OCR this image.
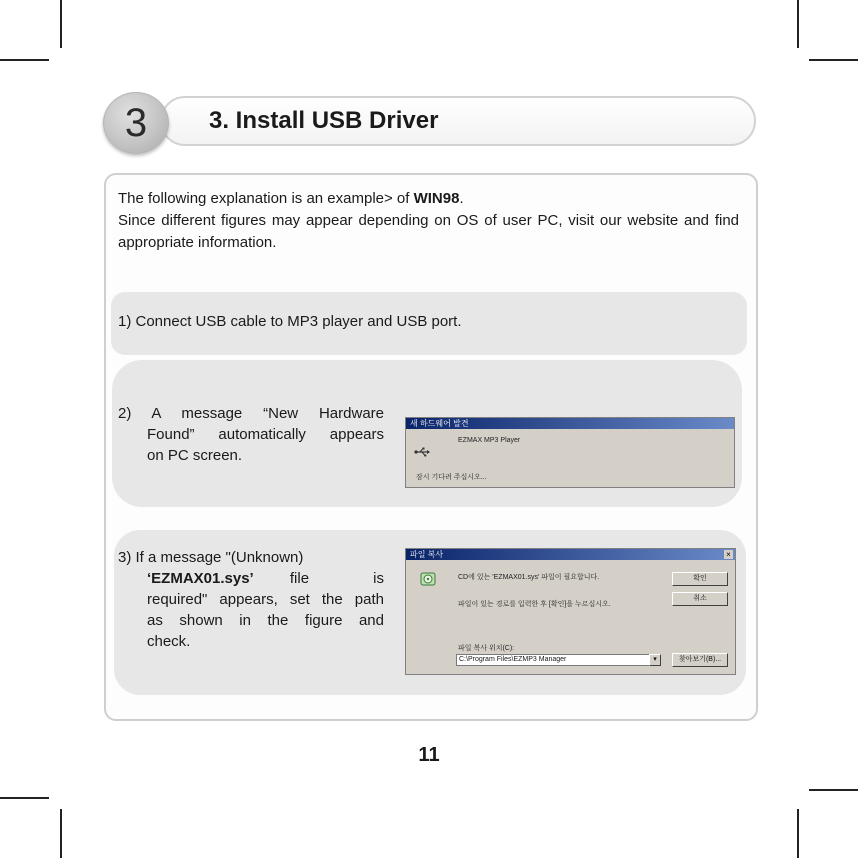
3	3. Install USB Driver
The following explanation is an example> of WIN98.
Since different figures may appear depending on OS of user PC, visit our website and find appropriate information.
1) Connect USB cable to MP3 player and USB port.
2) A message “New Hardware
Found” automatically appears
on PC screen.
새 하드웨어 발견
EZMAX MP3 Player
잠시 기다려 주십시오...
3) If a message "(Unknown)
‘EZMAX01.sys’ file is
required" appears, set the path
as shown in the figure and
check.
파일 복사	×
CD에 있는 'EZMAX01.sys' 파일이 필요합니다.
파일이 있는 경로를 입력한 후 [확인]을 누르십시오.
파일 복사 위치(C):
C:\Program Files\EZMP3 Manager	▾
확인
취소
찾아보기(B)...
11
